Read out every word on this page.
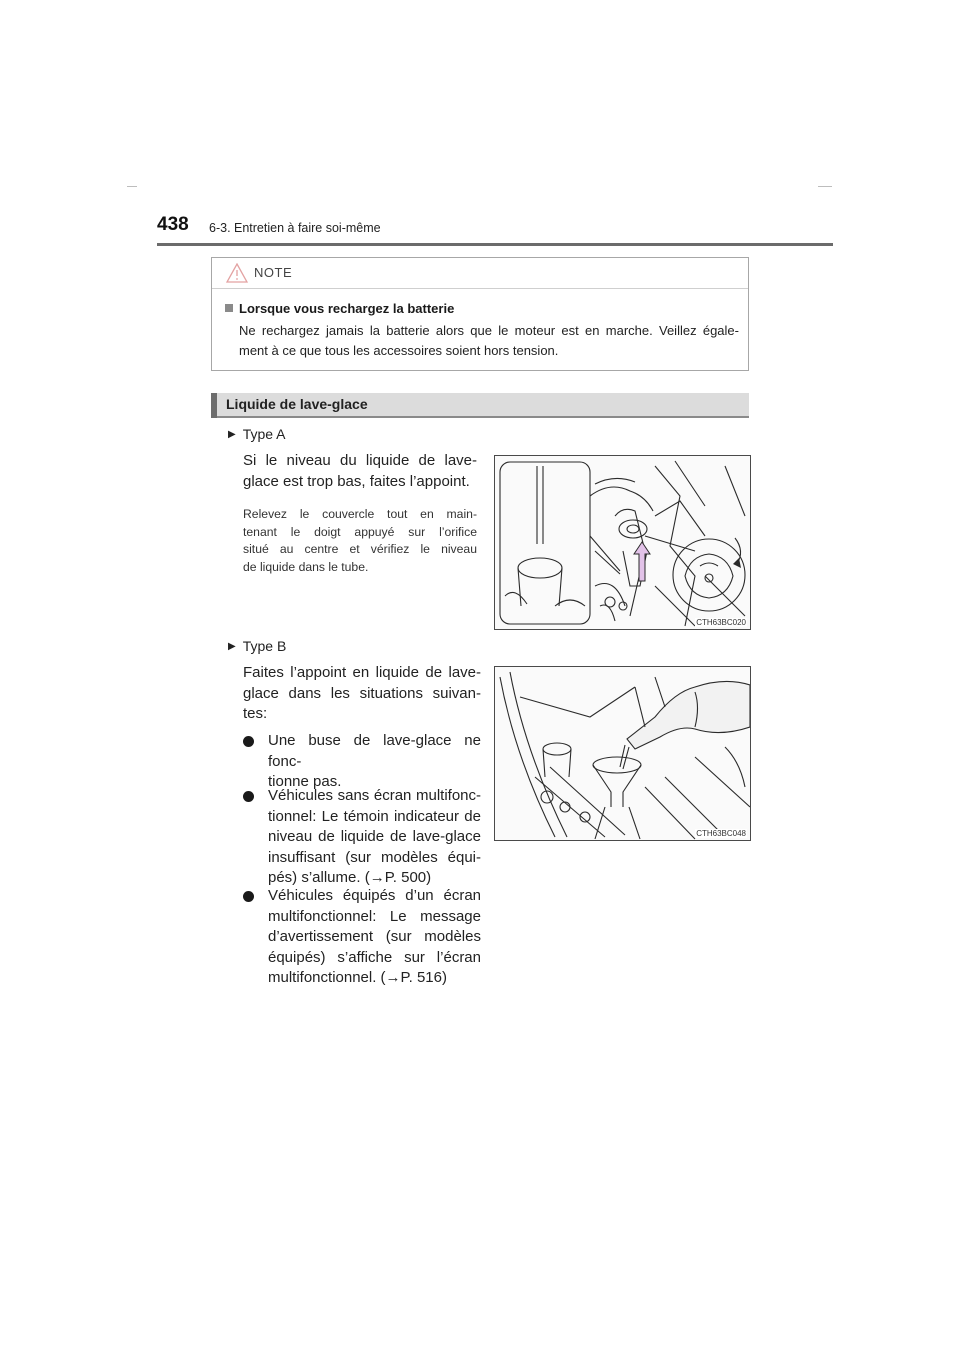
438 6-3. Entretien à faire soi-même
NOTE
Lorsque vous rechargez la batterie
Ne rechargez jamais la batterie alors que le moteur est en marche. Veillez égale-
ment à ce que tous les accessoires soient hors tension.
Liquide de lave-glace
▶ Type A
Si le niveau du liquide de lave-
glace est trop bas, faites l’appoint.
Relevez le couvercle tout en main-
tenant le doigt appuyé sur l’orifice
situé au centre et vérifiez le niveau
de liquide dans le tube.
CTH63BC020
▶ Type B
Faites l’appoint en liquide de lave-
glace dans les situations suivan-
tes:
Une buse de lave-glace ne fonc-
tionne pas.
Véhicules sans écran multifonc-
tionnel: Le témoin indicateur de
niveau de liquide de lave-glace
insuffisant (sur modèles équi-
pés) s’allume. (→P. 500)
Véhicules équipés d’un écran
multifonctionnel: Le message
d’avertissement (sur modèles
équipés) s’affiche sur l’écran
multifonctionnel. (→P. 516)
CTH63BC048
